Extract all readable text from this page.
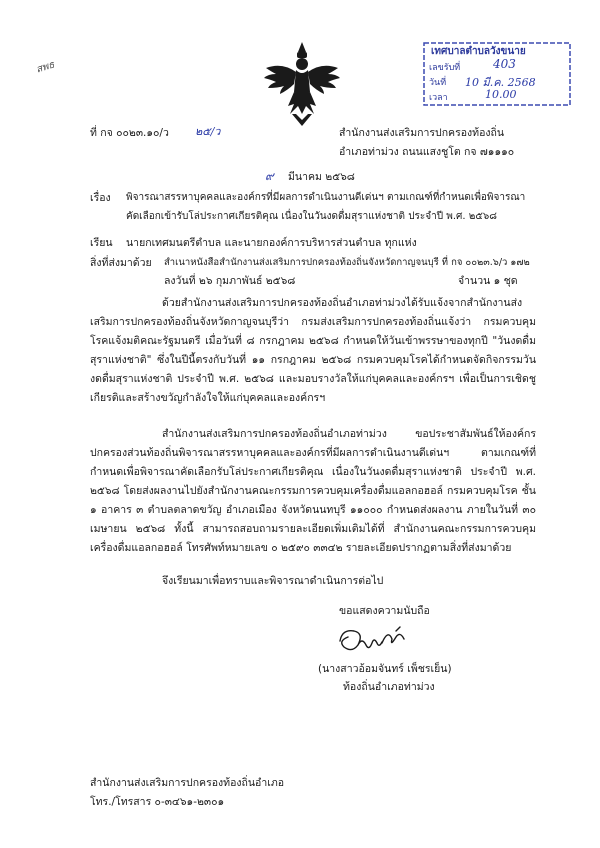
สพธ
เทศบาลตำบลวังขนาย
เลขรับที่	403
วันที่ 10 มี.ค. 2568
เวลา	10.00
ที่ กจ ๐๐๒๓.๑๐/ว ๒๕/ว	สำนักงานส่งเสริมการปกครองท้องถิ่น
อำเภอท่าม่วง ถนนแสงชูโต กจ ๗๑๑๑๐
๙ มีนาคม ๒๕๖๘
เรื่อง พิจารณาสรรหาบุคคลและองค์กรที่มีผลการดำเนินงานดีเด่นฯ ตามเกณฑ์ที่กำหนดเพื่อพิจารณา
คัดเลือกเข้ารับโล่ประกาศเกียรติคุณ เนื่องในวันงดดื่มสุราแห่งชาติ ประจำปี พ.ศ. ๒๕๖๘
เรียน นายกเทศมนตรีตำบล และนายกองค์การบริหารส่วนตำบล ทุกแห่ง
สิ่งที่ส่งมาด้วย สำเนาหนังสือสำนักงานส่งเสริมการปกครองท้องถิ่นจังหวัดกาญจนบุรี ที่ กจ ๐๐๒๓.๖/ว ๑๗๒
ลงวันที่ ๒๖ กุมภาพันธ์ ๒๕๖๘	จำนวน ๑ ชุด
ด้วยสำนักงานส่งเสริมการปกครองท้องถิ่นอำเภอท่าม่วงได้รับแจ้งจากสำนักงานส่งเสริมการปกครองท้องถิ่นจังหวัดกาญจนบุรีว่า กรมส่งเสริมการปกครองท้องถิ่นแจ้งว่า กรมควบคุมโรคแจ้งมติคณะรัฐมนตรี เมื่อวันที่ ๘ กรกฎาคม ๒๕๖๘ กำหนดให้วันเข้าพรรษาของทุกปี "วันงดดื่มสุราแห่งชาติ" ซึ่งในปีนี้ตรงกับวันที่ ๑๑ กรกฎาคม ๒๕๖๘ กรมควบคุมโรคได้กำหนดจัดกิจกรรมวันงดดื่มสุราแห่งชาติ ประจำปี พ.ศ. ๒๕๖๘ และมอบรางวัลให้แก่บุคคลและองค์กรฯ เพื่อเป็นการเชิดชูเกียรติและสร้างขวัญกำลังใจให้แก่บุคคลและองค์กรฯ
สำนักงานส่งเสริมการปกครองท้องถิ่นอำเภอท่าม่วง ขอประชาสัมพันธ์ให้องค์กรปกครองส่วนท้องถิ่นพิจารณาสรรหาบุคคลและองค์กรที่มีผลการดำเนินงานดีเด่นฯ ตามเกณฑ์ที่กำหนดเพื่อพิจารณาคัดเลือกรับโล่ประกาศเกียรติคุณ เนื่องในวันงดดื่มสุราแห่งชาติ ประจำปี พ.ศ. ๒๕๖๘ โดยส่งผลงานไปยังสำนักงานคณะกรรมการควบคุมเครื่องดื่มแอลกอฮอล์ กรมควบคุมโรค ชั้น ๑ อาคาร ๓ ตำบลตลาดขวัญ อำเภอเมือง จังหวัดนนทบุรี ๑๑๐๐๐ กำหนดส่งผลงาน ภายในวันที่ ๓๐ เมษายน ๒๕๖๘ ทั้งนี้ สามารถสอบถามรายละเอียดเพิ่มเติมได้ที่ สำนักงานคณะกรรมการควบคุมเครื่องดื่มแอลกอฮอล์ โทรศัพท์หมายเลข ๐ ๒๕๙๐ ๓๓๔๒ รายละเอียดปรากฏตามสิ่งที่ส่งมาด้วย
จึงเรียนมาเพื่อทราบและพิจารณาดำเนินการต่อไป
ขอแสดงความนับถือ
(นางสาวอ้อมจันทร์ เพ็ชรเย็น)
ท้องถิ่นอำเภอท่าม่วง
สำนักงานส่งเสริมการปกครองท้องถิ่นอำเภอ
โทร./โทรสาร ๐-๓๔๖๑-๒๓๐๑
